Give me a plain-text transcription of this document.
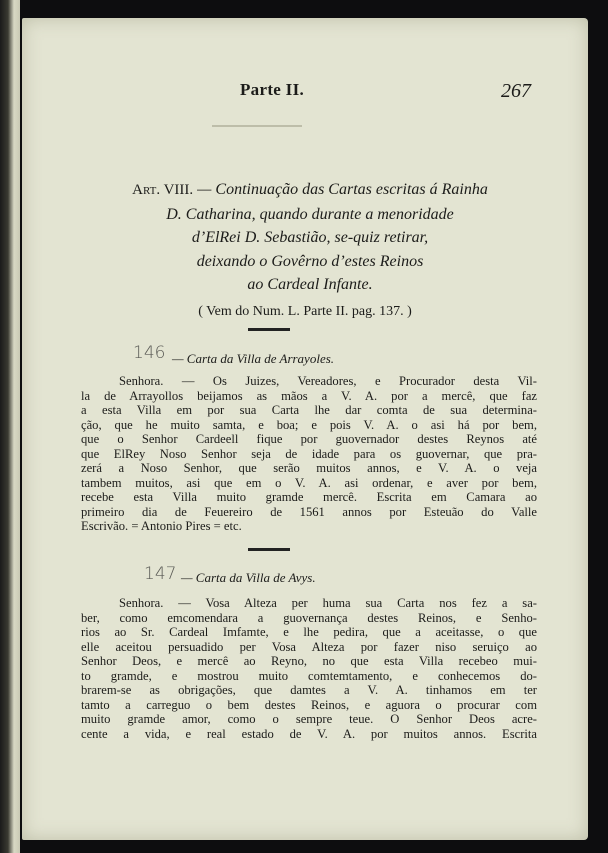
Parte II.	267
Art. VIII. — Continuação das Cartas escritas á Rainha
D. Catharina, quando durante a menoridade
d’ElRei D. Sebastião, se-quiz retirar,
deixando o Govêrno d’estes Reinos
ao Cardeal Infante.
( Vem do Num. L. Parte II. pag. 137. )
146 — Carta da Villa de Arrayoles.
Senhora. — Os Juizes, Vereadores, e Procurador desta Vil-
la de Arrayollos beijamos as mãos a V. A. por a mercê, que faz
a esta Villa em por sua Carta lhe dar comta de sua determina-
ção, que he muito samta, e boa; e pois V. A. o asi há por bem,
que o Senhor Cardeell fique por guovernador destes Reynos até
que ElRey Noso Senhor seja de idade para os guovernar, que pra-
zerá a Noso Senhor, que serão muitos annos, e V. A. o veja
tambem muitos, asi que em o V. A. asi ordenar, e aver por bem,
recebe esta Villa muito gramde mercê. Escrita em Camara ao
primeiro dia de Feuereiro de 1561 annos por Esteuão do Valle
Escrivão. = Antonio Pires = etc.
147 — Carta da Villa de Avys.
Senhora. — Vosa Alteza per huma sua Carta nos fez a sa-
ber, como emcomendara a guovernança destes Reinos, e Senho-
rios ao Sr. Cardeal Imfamte, e lhe pedira, que a aceitasse, o que
elle aceitou persuadido per Vosa Alteza por fazer niso seruiço ao
Senhor Deos, e mercê ao Reyno, no que esta Villa recebeo mui-
to gramde, e mostrou muito comtemtamento, e conhecemos do-
brarem-se as obrigações, que damtes a V. A. tinhamos em ter
tamto a carreguo o bem destes Reinos, e aguora o procurar com
muito gramde amor, como o sempre teue. O Senhor Deos acre-
cente a vida, e real estado de V. A. por muitos annos. Escrita
